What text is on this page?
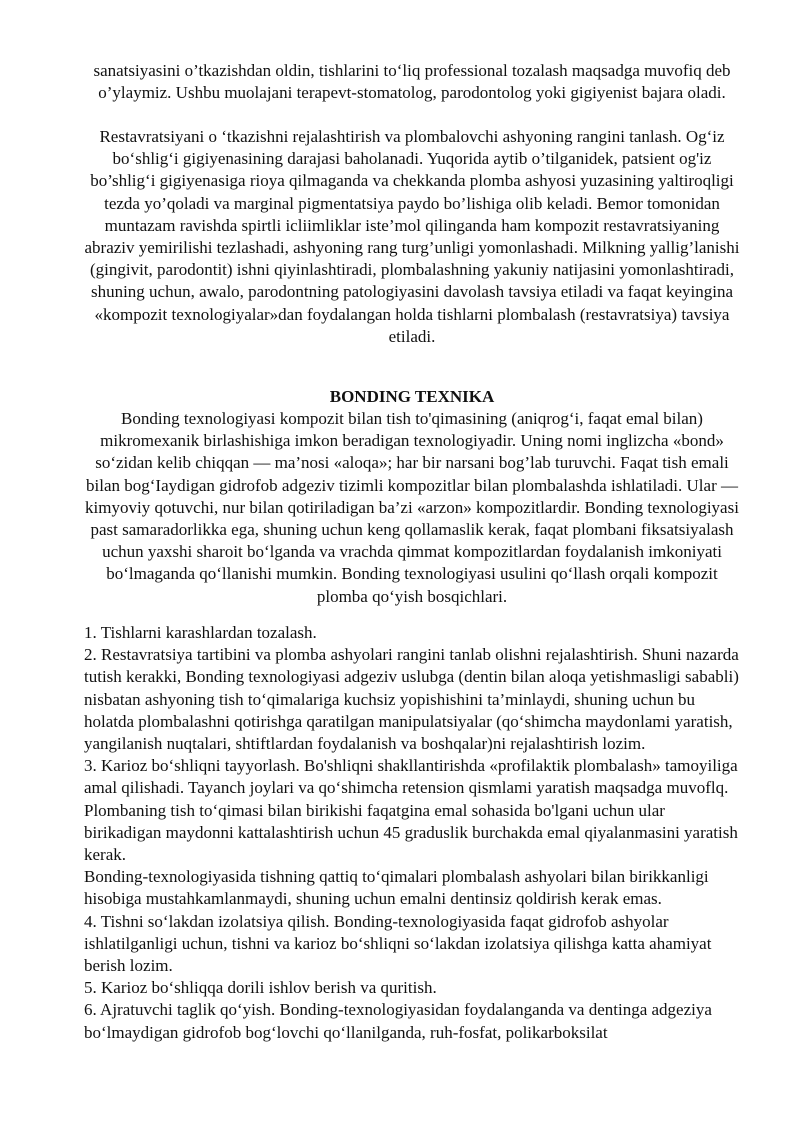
sanatsiyasini o’tkazishdan oldin, tishlarini to‘liq professional tozalash maqsadga muvofiq deb o’ylaymiz. Ushbu muolajani terapevt-stomatolog, parodontolog yoki gigiyenist bajara oladi.

Restavratsiyani o ‘tkazishni rejalashtirish va plombalovchi ashyoning rangini tanlash. Og‘iz bo‘shlig‘i gigiyenasining darajasi baholanadi. Yuqorida aytib o’tilganidek, patsient og'iz bo’shlig‘i gigiyenasiga rioya qilmaganda va chekkanda plomba ashyosi yuzasining yaltiroqligi tezda yo’qoladi va marginal pigmentatsiya paydo bo’lishiga olib keladi. Bemor tomonidan muntazam ravishda spirtli icliimliklar iste’mol qilinganda ham kompozit restavratsiyaning abraziv yemirilishi tezlashadi, ashyoning rang turg’unligi yomonlashadi. Milkning yallig’lanishi (gingivit, parodontit) ishni qiyinlashtiradi, plombalashning yakuniy natijasini yomonlashtiradi, shuning uchun, awalo, parodontning patologiyasini davolash tavsiya etiladi va faqat keyingina «kompozit texnologiyalar»dan foydalangan holda tishlarni plombalash (restavratsiya) tavsiya etiladi.

BONDING TEXNIKA

Bonding texnologiyasi kompozit bilan tish to'qimasining (aniqrog‘i, faqat emal bilan) mikromexanik birlashishiga imkon beradigan texnologiyadir. Uning nomi inglizcha «bond» so‘zidan kelib chiqqan — ma’nosi «aloqa»; har bir narsani bog’lab turuvchi. Faqat tish emali bilan bog‘Iaydigan gidrofob adgeziv tizimli kompozitlar bilan plombalashda ishlatiladi. Ular — kimyoviy qotuvchi, nur bilan qotiriladigan ba’zi «arzon» kompozitlardir. Bonding texnologiyasi past samaradorlikka ega, shuning uchun keng qollamaslik kerak, faqat plombani fiksatsiyalash uchun yaxshi sharoit bo‘lganda va vrachda qimmat kompozitlardan foydalanish imkoniyati bo‘lmaganda qo‘llanishi mumkin. Bonding texnologiyasi usulini qo‘llash orqali kompozit plomba qo‘yish bosqichlari.

1. Tishlarni karashlardan tozalash.

2. Restavratsiya tartibini va plomba ashyolari rangini tanlab olishni rejalashtirish. Shuni nazarda tutish kerakki, Bonding texnologiyasi adgeziv uslubga (dentin bilan aloqa yetishmasligi sababli) nisbatan ashyoning tish to‘qimalariga kuchsiz yopishishini ta’minlaydi, shuning uchun bu holatda plombalashni qotirishga qaratilgan manipulatsiyalar (qo‘shimcha maydonlami yaratish, yangilanish nuqtalari, shtiftlardan foydalanish va boshqalar)ni rejalashtirish lozim.

3. Karioz bo‘shliqni tayyorlash. Bo'shliqni shakllantirishda «profilaktik plombalash» tamoyiliga amal qilishadi. Tayanch joylari va qo‘shimcha retension qismlami yaratish maqsadga muvoflq. Plombaning tish to‘qimasi bilan birikishi faqatgina emal sohasida bo'lgani uchun ular birikadigan maydonni kattalashtirish uchun 45 graduslik burchakda emal qiyalanmasini yaratish kerak.

Bonding-texnologiyasida tishning qattiq to‘qimalari plombalash ashyolari bilan birikkanligi hisobiga mustahkamlanmaydi, shuning uchun emalni dentinsiz qoldirish kerak emas.

4. Tishni so‘lakdan izolatsiya qilish. Bonding-texnologiyasida faqat gidrofob ashyolar ishlatilganligi uchun, tishni va karioz bo‘shliqni so‘lakdan izolatsiya qilishga katta ahamiyat berish lozim.

5. Karioz bo‘shliqqa dorili ishlov berish va quritish.

6. Ajratuvchi taglik qo‘yish. Bonding-texnologiyasidan foydalanganda va dentinga adgeziya bo‘lmaydigan gidrofob bog‘lovchi qo‘llanilganda, ruh-fosfat, polikarboksilat
